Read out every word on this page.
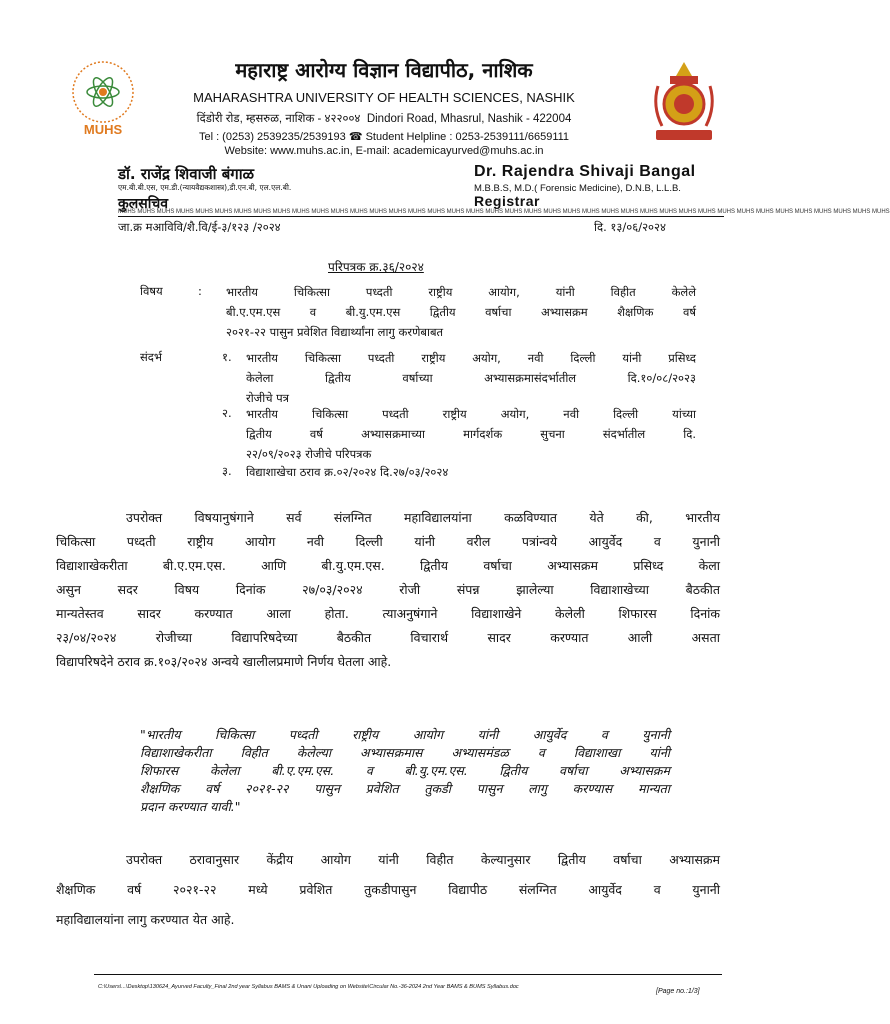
MUHS
महाराष्ट्र आरोग्य विज्ञान विद्यापीठ, नाशिक
MAHARASHTRA UNIVERSITY OF HEALTH SCIENCES, NASHIK
दिंडोरी रोड, म्हसरुळ, नाशिक - ४२२००४ Dindori Road, Mhasrul, Nashik - 422004
Tel : (0253) 2539235/2539193 ☎ Student Helpline : 0253-2539111/6659111
Website: www.muhs.ac.in, E-mail: academicayurved@muhs.ac.in
डॉ. राजेंद्र शिवाजी बंगाळ	Dr. Rajendra Shivaji Bangal
एम.बी.बी.एस, एम.डी.(न्यायवैद्यकशास्त्र),डी.एन.बी, एल.एल.बी.	M.B.B.S, M.D.( Forensic Medicine), D.N.B, L.L.B.
कुलसचिव	Registrar
MUHS MUHS MUHS MUHS MUHS MUHS MUHS MUHS MUHS MUHS MUHS MUHS MUHS MUHS MUHS MUHS MUHS MUHS MUHS MUHS MUHS MUHS MUHS MUHS MUHS MUHS MUHS MUHS MUHS MUHS MUHS MUHS MUHS MUHS MUHS MUHS MUHS MUHS MUHS MUHS
जा.क्र मआविवि/शै.वि/ई-३/१२३ /२०२४	दि. १३/०६/२०२४
परिपत्रक क्र.३६/२०२४
विषय	: भारतीय चिकित्सा पध्दती राष्ट्रीय आयोग, यांनी विहीत केलेले
बी.ए.एम.एस व बी.यु.एम.एस द्वितीय वर्षाचा अभ्यासक्रम शैक्षणिक वर्ष
२०२१-२२ पासुन प्रवेशित विद्यार्थ्यांना लागु करणेबाबत
संदर्भ	१. भारतीय चिकित्सा पध्दती राष्ट्रीय अयोग, नवी दिल्ली यांनी प्रसिध्द
केलेला द्वितीय वर्षाच्या अभ्यासक्रमासंदर्भातील दि.१०/०८/२०२३
रोजीचे पत्र
२. भारतीय चिकित्सा पध्दती राष्ट्रीय अयोग, नवी दिल्ली यांच्या
द्वितीय वर्ष अभ्यासक्रमाच्या मार्गदर्शक सुचना संदर्भातील दि.
२२/०९/२०२३ रोजीचे परिपत्रक
३. विद्याशाखेचा ठराव क्र.०२/२०२४ दि.२७/०३/२०२४
उपरोक्त विषयानुषंगाने सर्व संलग्नित महाविद्यालयांना कळविण्यात येते की, भारतीय
चिकित्सा पध्दती राष्ट्रीय आयोग नवी दिल्ली यांनी वरील पत्रांन्वये आयुर्वेद व युनानी
विद्याशाखेकरीता बी.ए.एम.एस. आणि बी.यु.एम.एस. द्वितीय वर्षाचा अभ्यासक्रम प्रसिध्द केला
असुन सदर विषय दिनांक २७/०३/२०२४ रोजी संपन्न झालेल्या विद्याशाखेच्या बैठकीत
मान्यतेस्तव सादर करण्यात आला होता. त्याअनुषंगाने विद्याशाखेने केलेली शिफारस दिनांक
२३/०४/२०२४ रोजीच्या विद्यापरिषदेच्या बैठकीत विचारार्थ सादर करण्यात आली असता
विद्यापरिषदेने ठराव क्र.१०३/२०२४ अन्वये खालीलप्रमाणे निर्णय घेतला आहे.
"भारतीय चिकित्सा पध्दती राष्ट्रीय आयोग यांनी आयुर्वेद व युनानी
विद्याशाखेकरीता विहीत केलेल्या अभ्यासक्रमास अभ्यासमंडळ व विद्याशाखा यांनी
शिफारस केलेला बी.ए.एम.एस. व बी.यु.एम.एस. द्वितीय वर्षाचा अभ्यासक्रम
शैक्षणिक वर्ष २०२१-२२ पासुन प्रवेशित तुकडी पासुन लागु करण्यास मान्यता
प्रदान करण्यात यावी."
उपरोक्त ठरावानुसार केंद्रीय आयोग यांनी विहीत केल्यानुसार द्वितीय वर्षाचा अभ्यासक्रम
शैक्षणिक वर्ष २०२१-२२ मध्ये प्रवेशित तुकडीपासुन विद्यापीठ संलग्नित आयुर्वेद व युनानी
महाविद्यालयांना लागु करण्यात येत आहे.
C:\Users\...\Desktop\130624_Ayurved Faculty_Final 2nd year Syllabus BAMS & Unani Uploading on Website\Circular No.-36-2024 2nd Year BAMS & BUMS Syllabus.doc
[Page no.:1/3]
